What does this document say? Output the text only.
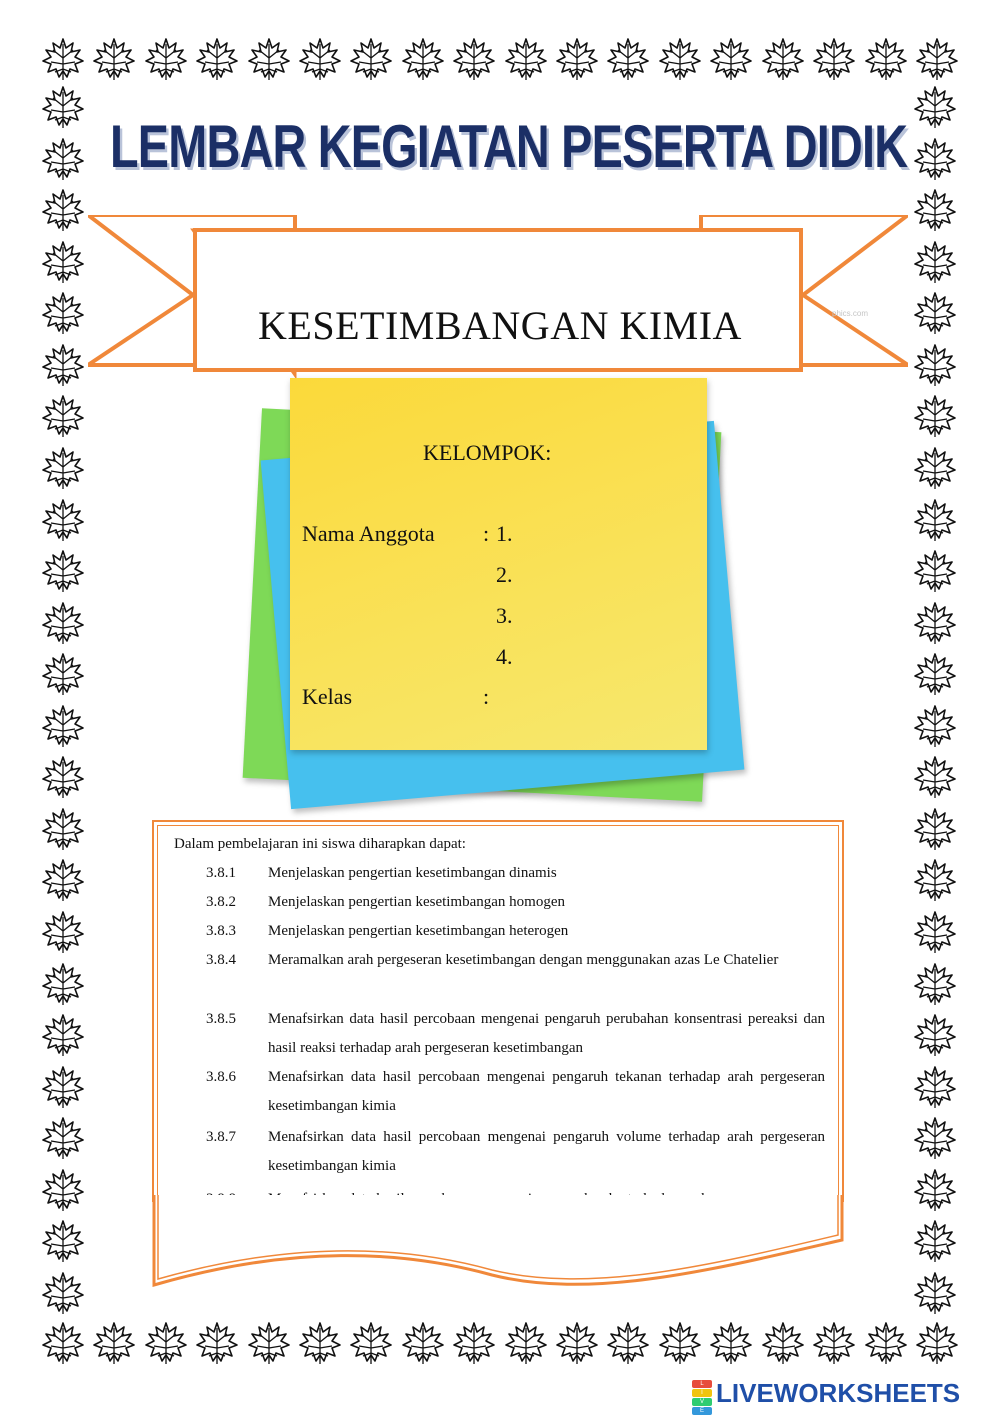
LEMBAR KEGIATAN PESERTA DIDIK
KESETIMBANGAN KIMIA	phics.com
KELOMPOK:
Nama Anggota : 1.
2.
3.
4.
Kelas	:
Dalam pembelajaran ini siswa diharapkan dapat:
3.8.1	Menjelaskan pengertian kesetimbangan dinamis
3.8.2	Menjelaskan pengertian kesetimbangan homogen
3.8.3	Menjelaskan pengertian kesetimbangan heterogen
3.8.4	Meramalkan arah pergeseran kesetimbangan dengan menggunakan azas Le Chatelier
3.8.5	Menafsirkan data hasil percobaan mengenai pengaruh perubahan konsentrasi pereaksi dan hasil reaksi terhadap arah pergeseran kesetimbangan
3.8.6	Menafsirkan data hasil percobaan mengenai pengaruh tekanan terhadap arah pergeseran kesetimbangan kimia
3.8.7	Menafsirkan data hasil percobaan mengenai pengaruh volume terhadap arah pergeseran kesetimbangan kimia
L
I
V
E
LIVEWORKSHEETS
